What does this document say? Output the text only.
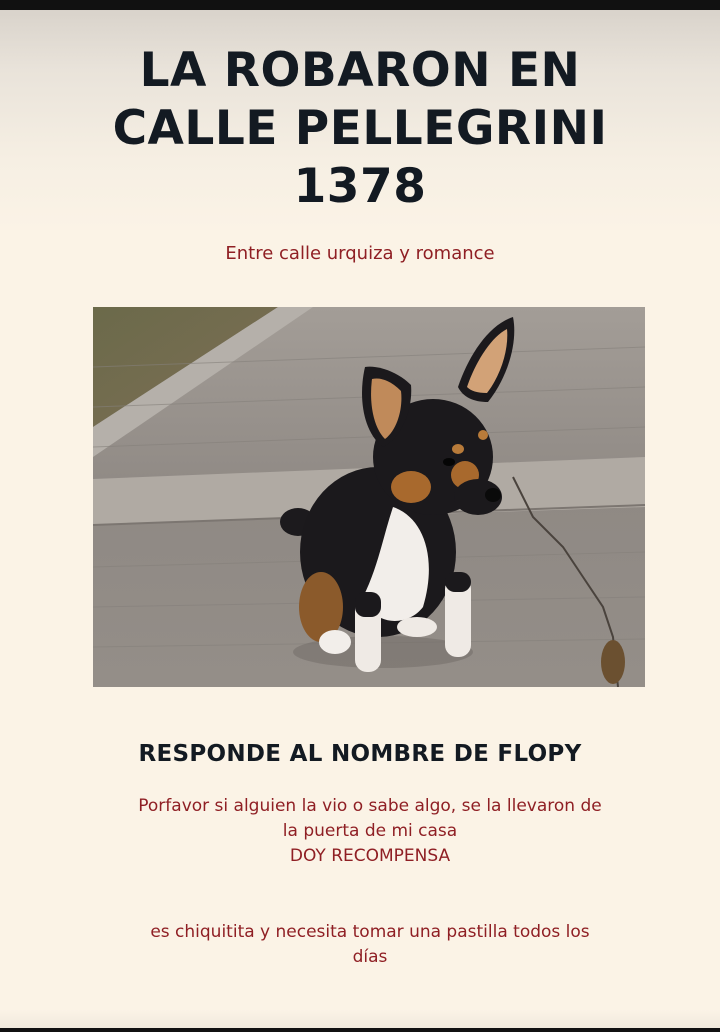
LA ROBARON EN
CALLE PELLEGRINI
1378

Entre calle urquiza y romance

RESPONDE AL NOMBRE DE FLOPY

Porfavor si alguien la vio o sabe algo, se la llevaron de
la puerta de mi casa
DOY RECOMPENSA
es chiquitita y necesita tomar una pastilla todos los
días
